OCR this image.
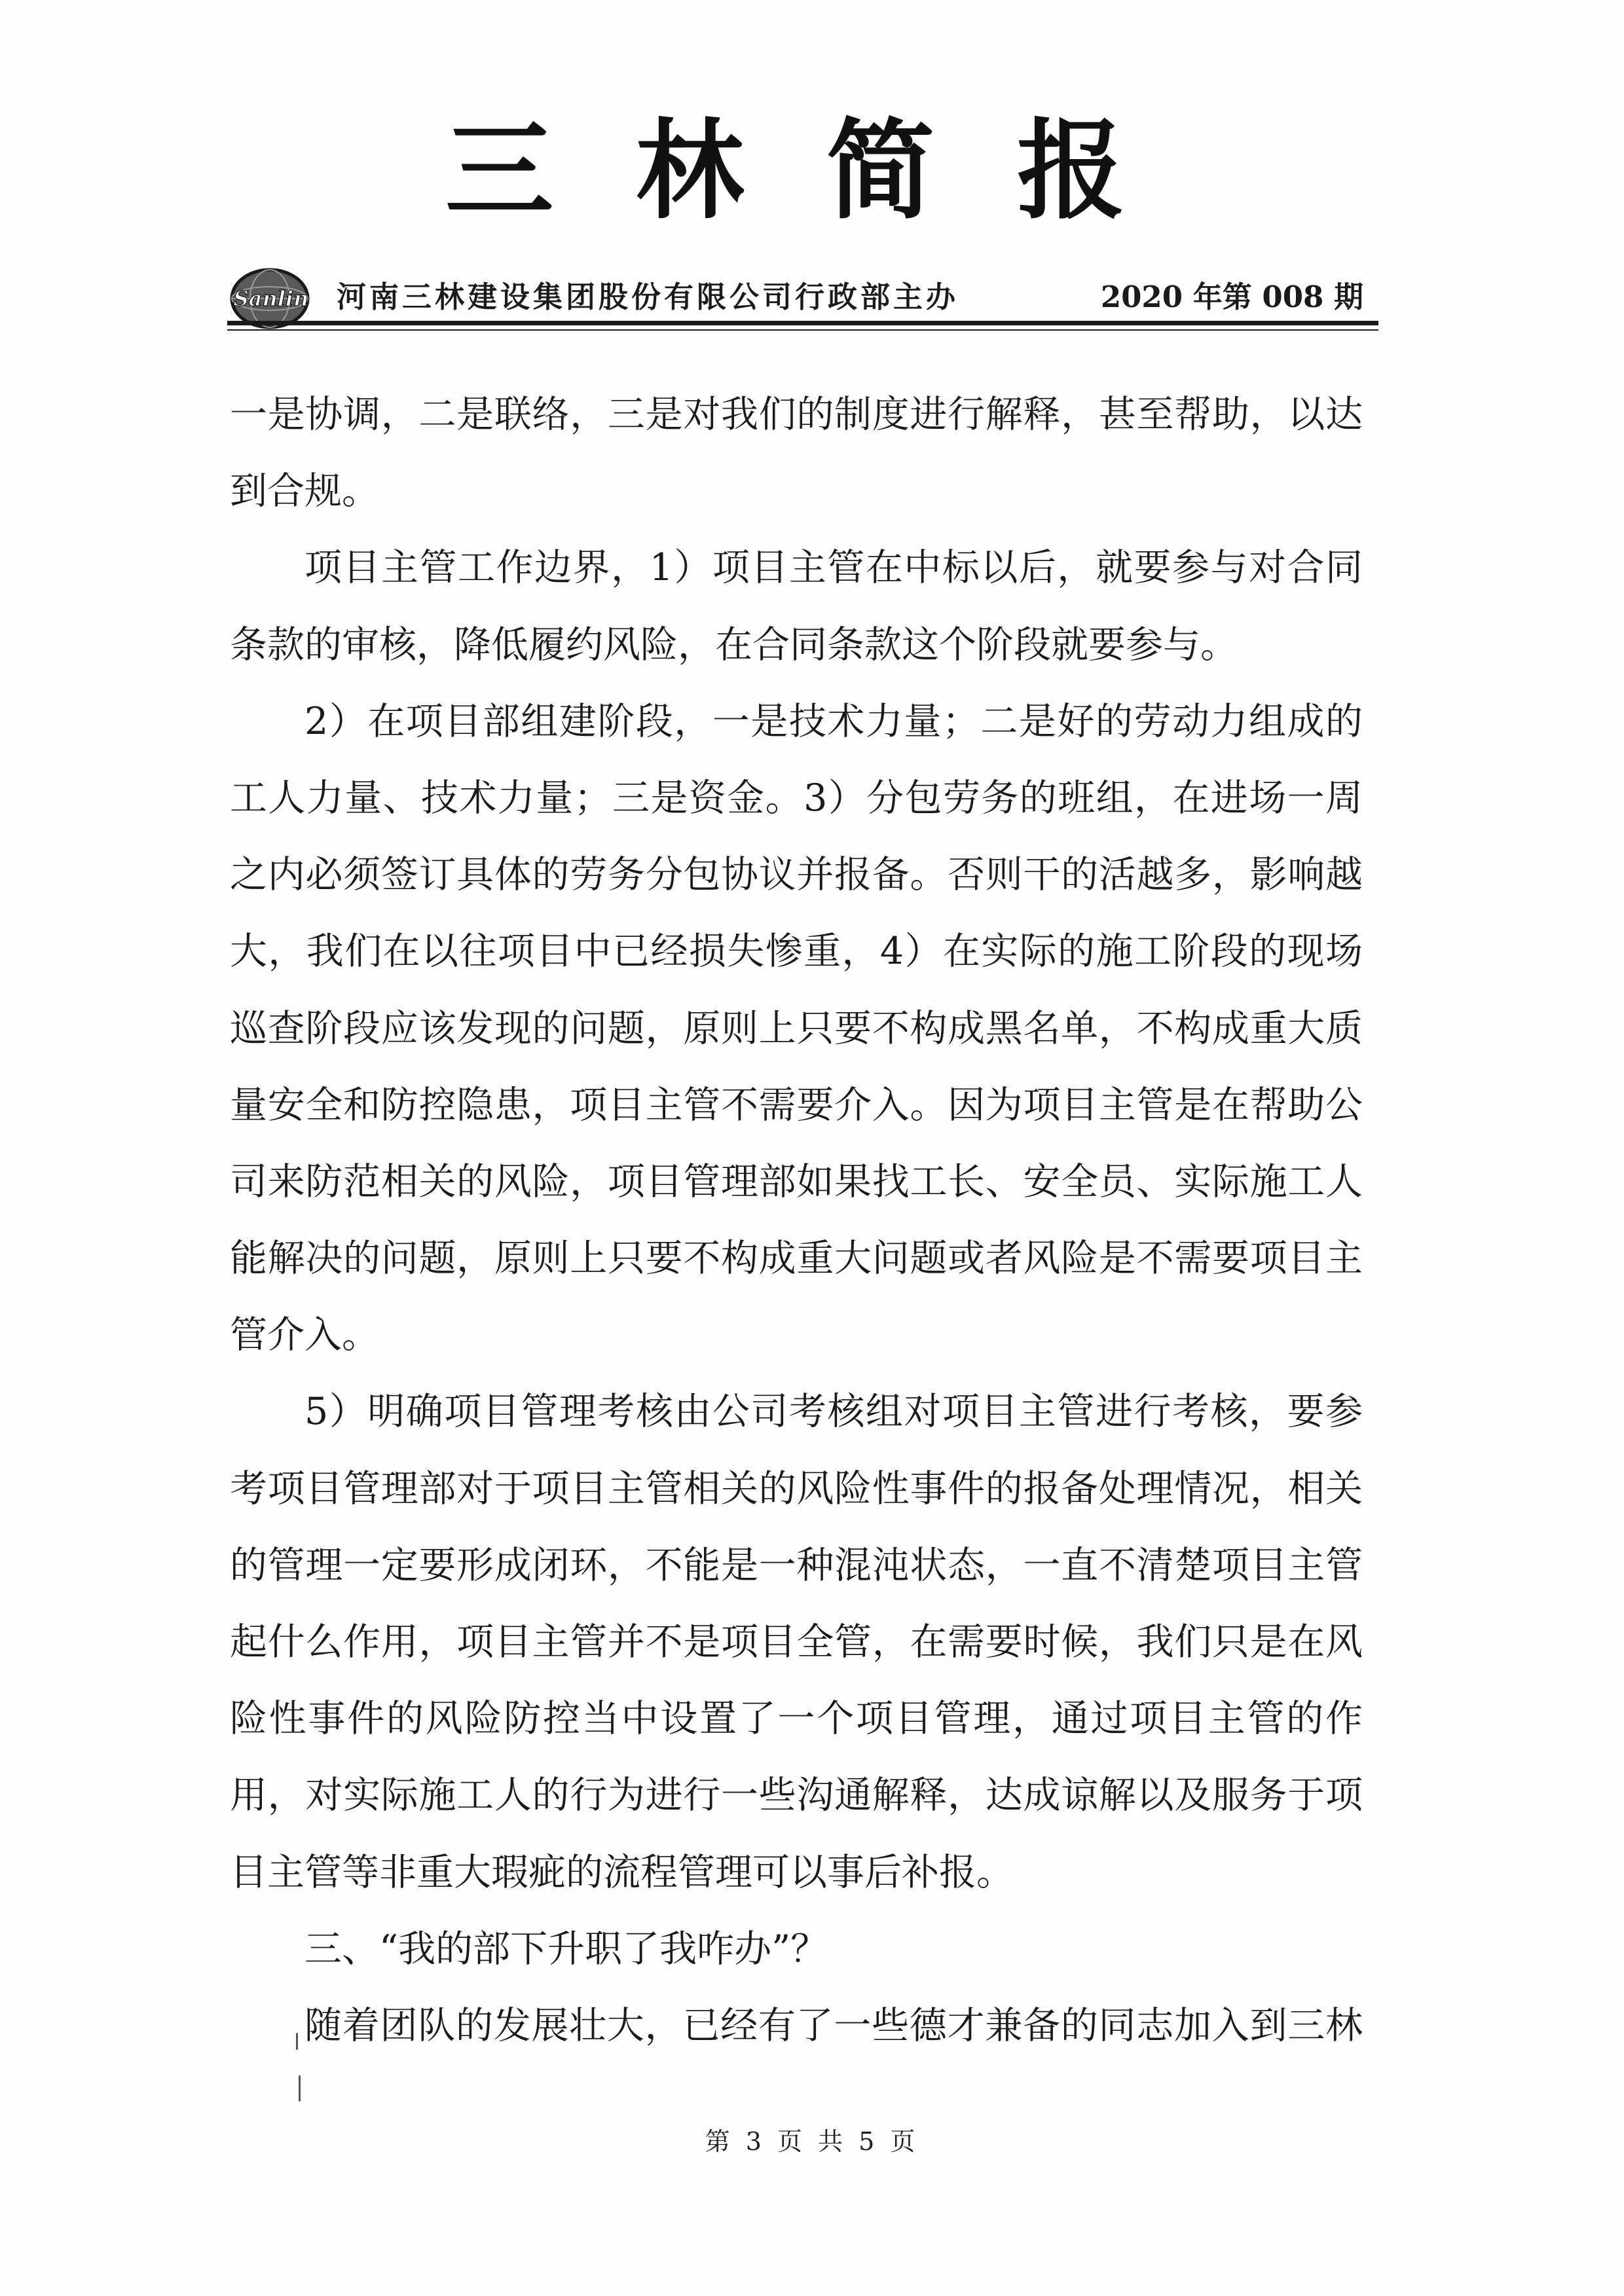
三林简报
Sanlin 河南三林建设集团股份有限公司行政部主办	2020 年第 008 期
一是协调，二是联络，三是对我们的制度进行解释，甚至帮助，以达
到合规。
项目主管工作边界，1）项目主管在中标以后，就要参与对合同
条款的审核，降低履约风险，在合同条款这个阶段就要参与。
2）在项目部组建阶段，一是技术力量；二是好的劳动力组成的
工人力量、技术力量；三是资金。3）分包劳务的班组，在进场一周
之内必须签订具体的劳务分包协议并报备。否则干的活越多，影响越
大，我们在以往项目中已经损失惨重，4）在实际的施工阶段的现场
巡查阶段应该发现的问题，原则上只要不构成黑名单，不构成重大质
量安全和防控隐患，项目主管不需要介入。因为项目主管是在帮助公
司来防范相关的风险，项目管理部如果找工长、安全员、实际施工人
能解决的问题，原则上只要不构成重大问题或者风险是不需要项目主
管介入。
5）明确项目管理考核由公司考核组对项目主管进行考核，要参
考项目管理部对于项目主管相关的风险性事件的报备处理情况，相关
的管理一定要形成闭环，不能是一种混沌状态，一直不清楚项目主管
起什么作用，项目主管并不是项目全管，在需要时候，我们只是在风
险性事件的风险防控当中设置了一个项目管理，通过项目主管的作
用，对实际施工人的行为进行一些沟通解释，达成谅解以及服务于项
目主管等非重大瑕疵的流程管理可以事后补报。
三、“我的部下升职了我咋办”？
随着团队的发展壮大，已经有了一些德才兼备的同志加入到三林
第 3 页 共 5 页
